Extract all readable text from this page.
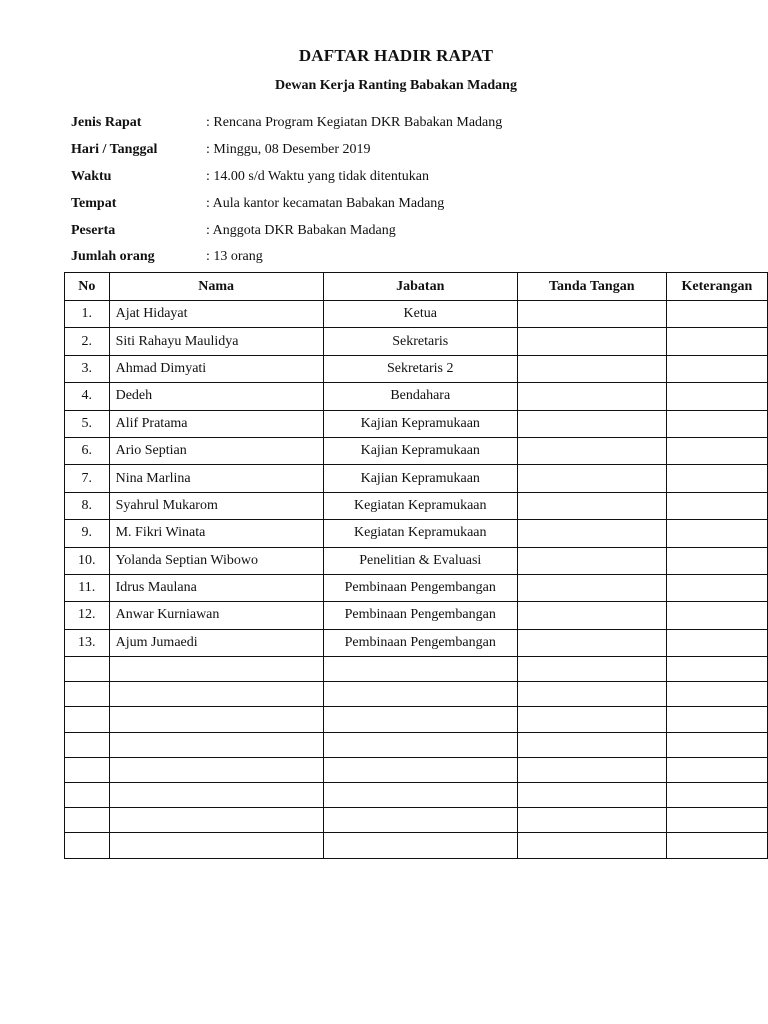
DAFTAR HADIR RAPAT
Dewan Kerja Ranting Babakan Madang
Jenis Rapat	: Rencana Program Kegiatan DKR Babakan Madang
Hari / Tanggal	: Minggu, 08 Desember 2019
Waktu	: 14.00 s/d Waktu yang tidak ditentukan
Tempat	: Aula kantor kecamatan Babakan Madang
Peserta	: Anggota DKR Babakan Madang
Jumlah orang	: 13 orang
No	Nama	Jabatan	Tanda Tangan	Keterangan
1.	Ajat Hidayat	Ketua		
2.	Siti Rahayu Maulidya	Sekretaris		
3.	Ahmad Dimyati	Sekretaris 2		
4.	Dedeh	Bendahara		
5.	Alif Pratama	Kajian Kepramukaan		
6.	Ario Septian	Kajian Kepramukaan		
7.	Nina Marlina	Kajian Kepramukaan		
8.	Syahrul Mukarom	Kegiatan Kepramukaan		
9.	M. Fikri Winata	Kegiatan Kepramukaan		
10.	Yolanda Septian Wibowo	Penelitian & Evaluasi		
11.	Idrus Maulana	Pembinaan Pengembangan		
12.	Anwar Kurniawan	Pembinaan Pengembangan		
13.	Ajum Jumaedi	Pembinaan Pengembangan		
